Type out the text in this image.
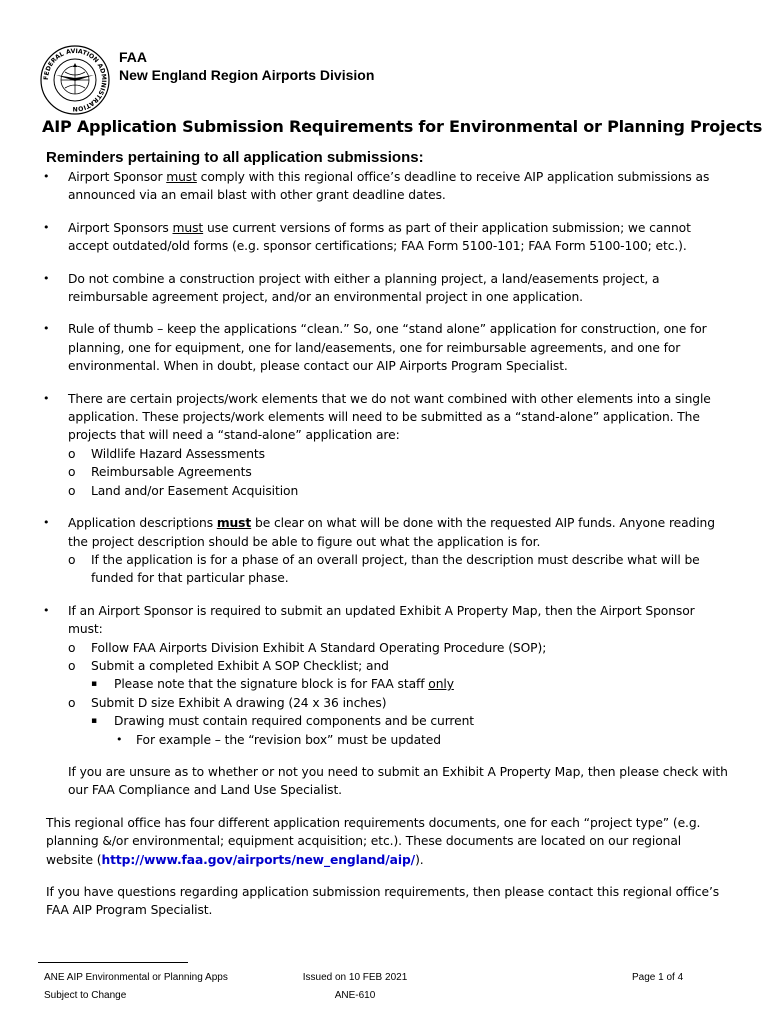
FEDERAL AVIATION ADMINISTRATION
FAA
New England Region Airports Division
AIP Application Submission Requirements for Environmental or Planning Projects
Reminders pertaining to all application submissions:
• Airport Sponsor must comply with this regional office’s deadline to receive AIP application submissions as announced via an email blast with other grant deadline dates.
• Airport Sponsors must use current versions of forms as part of their application submission; we cannot accept outdated/old forms (e.g. sponsor certifications; FAA Form 5100-101; FAA Form 5100-100; etc.).
• Do not combine a construction project with either a planning project, a land/easements project, a reimbursable agreement project, and/or an environmental project in one application.
• Rule of thumb – keep the applications “clean.” So, one “stand alone” application for construction, one for planning, one for equipment, one for land/easements, one for reimbursable agreements, and one for environmental. When in doubt, please contact our AIP Airports Program Specialist.
• There are certain projects/work elements that we do not want combined with other elements into a single application. These projects/work elements will need to be submitted as a “stand-alone” application. The projects that will need a “stand-alone” application are:
o Wildlife Hazard Assessments
o Reimbursable Agreements
o Land and/or Easement Acquisition
• Application descriptions must be clear on what will be done with the requested AIP funds. Anyone reading the project description should be able to figure out what the application is for.
o If the application is for a phase of an overall project, than the description must describe what will be funded for that particular phase.
• If an Airport Sponsor is required to submit an updated Exhibit A Property Map, then the Airport Sponsor must:
o Follow FAA Airports Division Exhibit A Standard Operating Procedure (SOP);
o Submit a completed Exhibit A SOP Checklist; and
▪ Please note that the signature block is for FAA staff only
o Submit D size Exhibit A drawing (24 x 36 inches)
▪ Drawing must contain required components and be current
• For example – the “revision box” must be updated
If you are unsure as to whether or not you need to submit an Exhibit A Property Map, then please check with our FAA Compliance and Land Use Specialist.
This regional office has four different application requirements documents, one for each “project type” (e.g. planning &/or environmental; equipment acquisition; etc.). These documents are located on our regional website (http://www.faa.gov/airports/new_england/aip/).
If you have questions regarding application submission requirements, then please contact this regional office’s FAA AIP Program Specialist.
ANE AIP Environmental or Planning Apps
Subject to Change
Issued on 10 FEB 2021
ANE-610
Page 1 of 4
